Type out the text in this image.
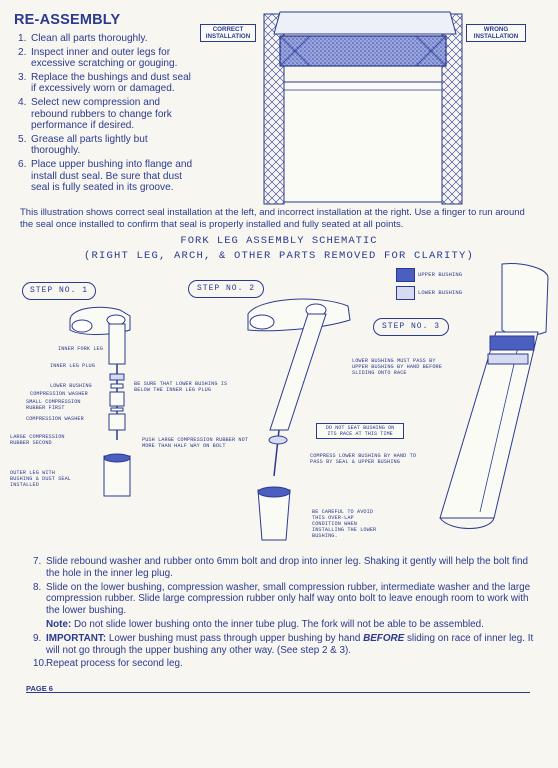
RE-ASSEMBLY
1. Clean all parts thoroughly.
2. Inspect inner and outer legs for excessive scratching or gouging.
3. Replace the bushings and dust seal if excessively worn or damaged.
4. Select new compression and rebound rubbers to change fork performance if desired.
5. Grease all parts lightly but thoroughly.
6. Place upper bushing into flange and install dust seal. Be sure that dust seal is fully seated in its groove.
CORRECT INSTALLATION
WRONG INSTALLATION
This illustration shows correct seal installation at the left, and incorrect installation at the right. Use a finger to run around the seal once installed to confirm that seal is properly installed and fully seated at all points.
FORK LEG ASSEMBLY SCHEMATIC
(RIGHT LEG, ARCH, & OTHER PARTS REMOVED FOR CLARITY)
STEP NO. 1	STEP NO. 2
STEP NO. 3
UPPER BUSHING
LOWER BUSHING
INNER FORK LEG
INNER LEG PLUG
LOWER BUSHING
COMPRESSION WASHER
SMALL COMPRESSION RUBBER FIRST
COMPRESSION WASHER
LARGE COMPRESSION RUBBER SECOND
OUTER LEG WITH BUSHING & DUST SEAL INSTALLED
BE SURE THAT LOWER BUSHING IS BELOW THE INNER LEG PLUG
PUSH LARGE COMPRESSION RUBBER NOT MORE THAN HALF WAY ON BOLT
DO NOT SEAT BUSHING ON ITS RACE AT THIS TIME
COMPRESS LOWER BUSHING BY HAND TO PASS BY SEAL & UPPER BUSHING
BE CAREFUL TO AVOID THIS OVER-LAP CONDITION WHEN INSTALLING THE LOWER BUSHING.
LOWER BUSHING MUST PASS BY UPPER BUSHING BY HAND BEFORE SLIDING ONTO RACE
7. Slide rebound washer and rubber onto 6mm bolt and drop into inner leg. Shaking it gently will help the bolt find the hole in the inner leg plug.
8. Slide on the lower bushing, compression washer, small compression rubber, intermediate washer and the large compression rubber. Slide large compression rubber only half way onto bolt to leave enough room to work with the lower bushing.
Note: Do not slide lower bushing onto the inner tube plug. The fork will not be able to be assembled.
9. IMPORTANT: Lower bushing must pass through upper bushing by hand BEFORE sliding on race of inner leg. It will not go through the upper bushing any other way. (See step 2 & 3).
10. Repeat process for second leg.
PAGE 6
